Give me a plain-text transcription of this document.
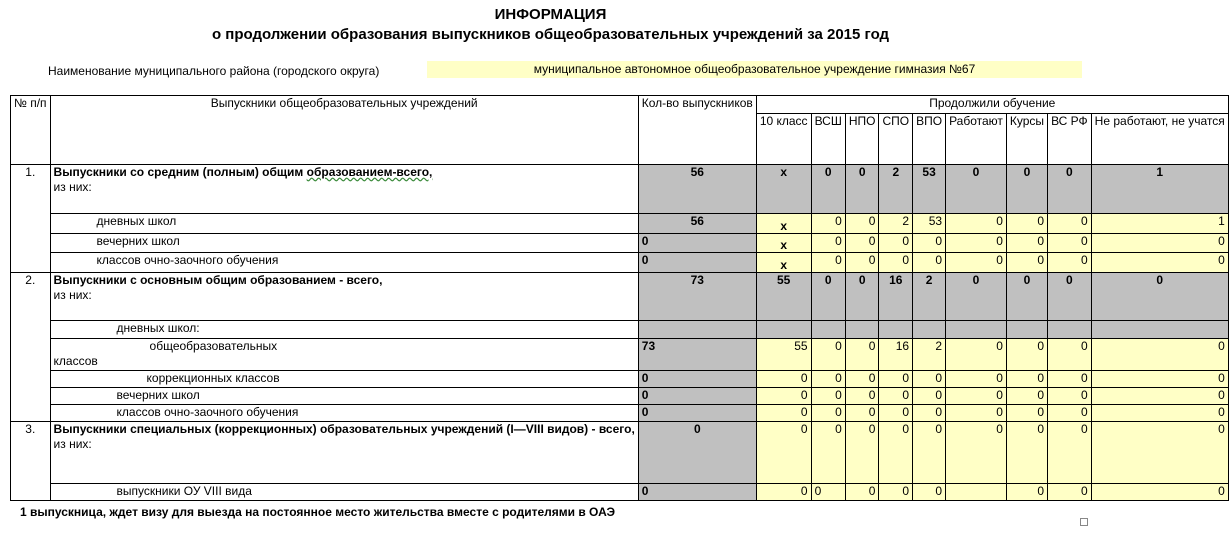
ИНФОРМАЦИЯ
о продолжении образования выпускников общеобразовательных учреждений за 2015 год
Наименование муниципального района (городского округа)	муниципальное автономное общеобразовательное учреждение гимназия №67
№ п/п	Выпускники общеобразовательных учреждений	Кол-во выпускников	Продолжили обучение								
			10 класс	ВСШ	НПО	СПО	ВПО	Работают	Курсы	ВС РФ	Не работают, не учатся
1.	Выпускники со средним (полным) общим образованием-всего,
из них:	56	x	0	0	2	53	0	0	0	1
	дневных школ	56	x	0	0	2	53	0	0	0	1
	вечерних школ	0	x	0	0	0	0	0	0	0	0
	классов очно-заочного обучения	0	x	0	0	0	0	0	0	0	0
2.	Выпускники с основным общим образованием - всего,
из них:	73	55	0	0	16	2	0	0	0	0
	дневных школ:										
	общеобразовательных
классов	73	55	0	0	16	2	0	0	0	0
	коррекционных классов	0	0	0	0	0	0	0	0	0	0
	вечерних школ	0	0	0	0	0	0	0	0	0	0
	классов очно-заочного обучения	0	0	0	0	0	0	0	0	0	0
3.	Выпускники специальных (коррекционных) образовательных учреждений (I—VIII видов) - всего,
из них:	0	0	0	0	0	0	0	0	0	0
	выпускники ОУ VIII вида	0	0	0	0	0	0		0	0	0
1 выпускница, ждет визу для выезда на постоянное место жительства вместе с родителями в ОАЭ
